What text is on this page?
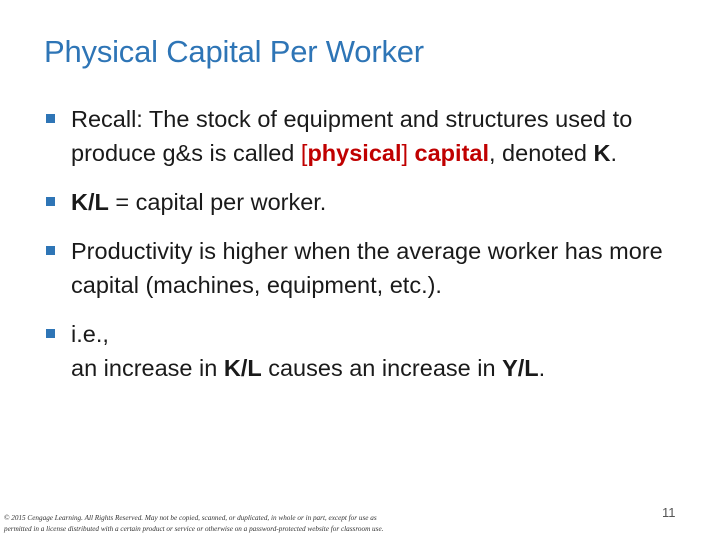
Physical Capital Per Worker
Recall: The stock of equipment and structures used to produce g&s is called [physical] capital, denoted K.
K/L = capital per worker.
Productivity is higher when the average worker has more capital (machines, equipment, etc.).
i.e.,
an increase in K/L causes an increase in Y/L.
© 2015 Cengage Learning. All Rights Reserved. May not be copied, scanned, or duplicated, in whole or in part, except for use as
permitted in a license distributed with a certain product or service or otherwise on a password-protected website for classroom use.
11
